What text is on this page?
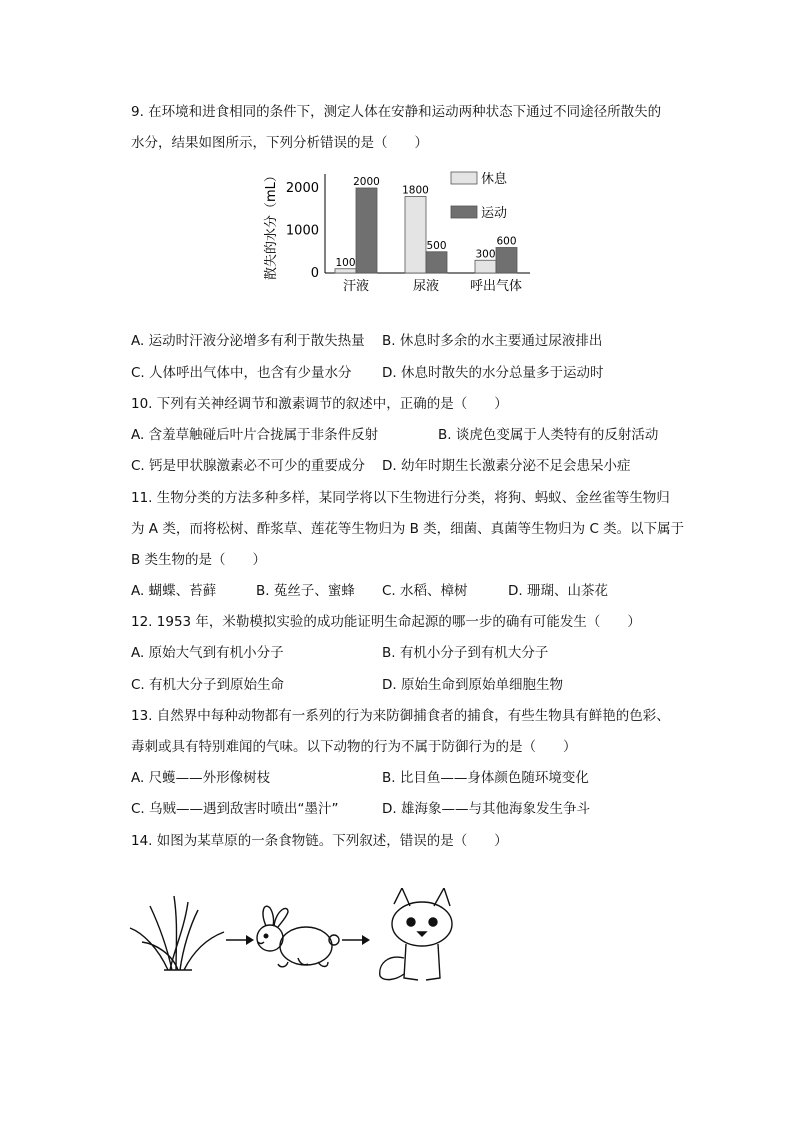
9. 在环境和进食相同的条件下，测定人体在安静和运动两种状态下通过不同途径所散失的
水分，结果如图所示，下列分析错误的是（　　）
散失的水分（mL） 0
1000
2000
100
2000
1800
500
300
600
汗液	尿液 呼出气体
休息
运动
A. 运动时汗液分泌增多有利于散失热量 B. 休息时多余的水主要通过尿液排出
C. 人体呼出气体中，也含有少量水分 D. 休息时散失的水分总量多于运动时
10. 下列有关神经调节和激素调节的叙述中，正确的是（　　）
A. 含羞草触碰后叶片合拢属于非条件反射	B. 谈虎色变属于人类特有的反射活动
C. 钙是甲状腺激素必不可少的重要成分 D. 幼年时期生长激素分泌不足会患呆小症
11. 生物分类的方法多种多样，某同学将以下生物进行分类，将狗、蚂蚁、金丝雀等生物归
为 A 类，而将松树、酢浆草、莲花等生物归为 B 类，细菌、真菌等生物归为 C 类。以下属于
B 类生物的是（　　）
A. 蝴蝶、苔藓	B. 菟丝子、蜜蜂 C. 水稻、樟树	D. 珊瑚、山茶花
12. 1953 年，米勒模拟实验的成功能证明生命起源的哪一步的确有可能发生（　　）
A. 原始大气到有机小分子	B. 有机小分子到有机大分子
C. 有机大分子到原始生命	D. 原始生命到原始单细胞生物
13. 自然界中每种动物都有一系列的行为来防御捕食者的捕食，有些生物具有鲜艳的色彩、
毒刺或具有特别难闻的气味。以下动物的行为不属于防御行为的是（　　）
A. 尺蠖——外形像树枝	B. 比目鱼——身体颜色随环境变化
C. 乌贼——遇到敌害时喷出“墨汁”	D. 雄海象——与其他海象发生争斗
14. 如图为某草原的一条食物链。下列叙述，错误的是（　　）
